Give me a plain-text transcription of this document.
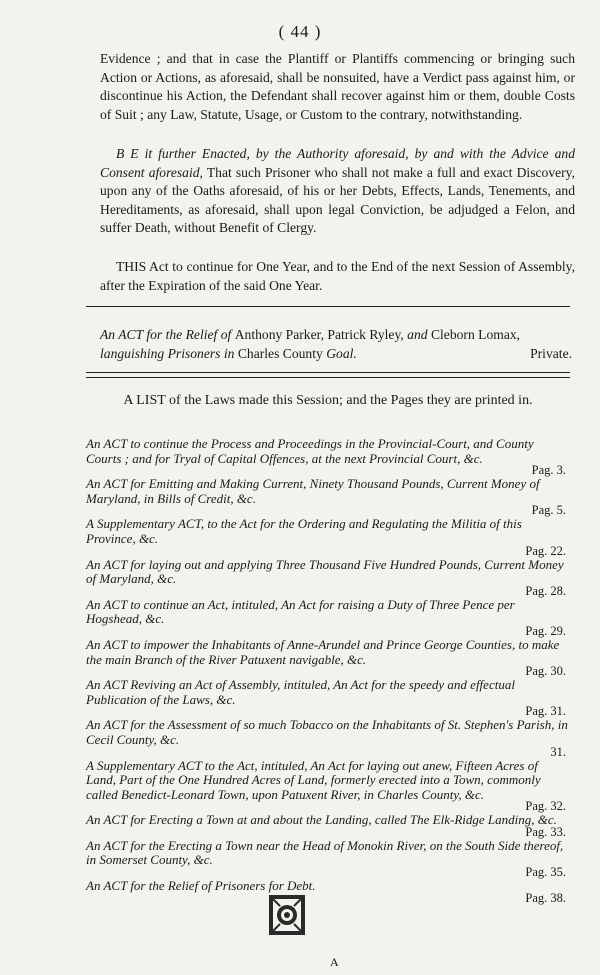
( 44 )
Evidence ; and that in case the Plantiff or Plantiffs commencing or bringing such Action or Actions, as aforesaid, shall be nonsuited, have a Verdict pass against him, or discontinue his Action, the Defendant shall recover against him or them, double Costs of Suit ; any Law, Statute, Usage, or Custom to the contrary, notwithstanding.
B E it further Enacted, by the Authority aforesaid, by and with the Advice and Consent aforesaid, That such Prisoner who shall not make a full and exact Discovery, upon any of the Oaths aforesaid, of his or her Debts, Effects, Lands, Tenements, and Hereditaments, as aforesaid, shall upon legal Conviction, be adjudged a Felon, and suffer Death, without Benefit of Clergy.
THIS Act to continue for One Year, and to the End of the next Session of Assembly, after the Expiration of the said One Year.
Private.
An ACT for the Relief of Anthony Parker, Patrick Ryley, and Cleborn Lomax, languishing Prisoners in Charles County Goal.
A LIST of the Laws made this Session; and the Pages they are printed in.
An ACT to continue the Process and Proceedings in the Provincial-Court, and County Courts ; and for Tryal of Capital Offences, at the next Provincial Court, &c.
Pag. 3.
An ACT for Emitting and Making Current, Ninety Thousand Pounds, Current Money of Maryland, in Bills of Credit, &c.
Pag. 5.
A Supplementary ACT, to the Act for the Ordering and Regulating the Militia of this Province, &c.
Pag. 22.
An ACT for laying out and applying Three Thousand Five Hundred Pounds, Current Money of Maryland, &c.
Pag. 28.
An ACT to continue an Act, intituled, An Act for raising a Duty of Three Pence per Hogshead, &c.
Pag. 29.
An ACT to impower the Inhabitants of Anne-Arundel and Prince George Counties, to make the main Branch of the River Patuxent navigable, &c.
Pag. 30.
An ACT Reviving an Act of Assembly, intituled, An Act for the speedy and effectual Publication of the Laws, &c.
Pag. 31.
An ACT for the Assessment of so much Tobacco on the Inhabitants of St. Stephen's Parish, in Cecil County, &c.
31.
A Supplementary ACT to the Act, intituled, An Act for laying out anew, Fifteen Acres of Land, Part of the One Hundred Acres of Land, formerly erected into a Town, commonly called Benedict-Leonard Town, upon Patuxent River, in Charles County, &c.
Pag. 32.
An ACT for Erecting a Town at and about the Landing, called The Elk-Ridge Landing, &c.
Pag. 33.
An ACT for the Erecting a Town near the Head of Monokin River, on the South Side thereof, in Somerset County, &c.
Pag. 35.
An ACT for the Relief of Prisoners for Debt.
Pag. 38.
A
